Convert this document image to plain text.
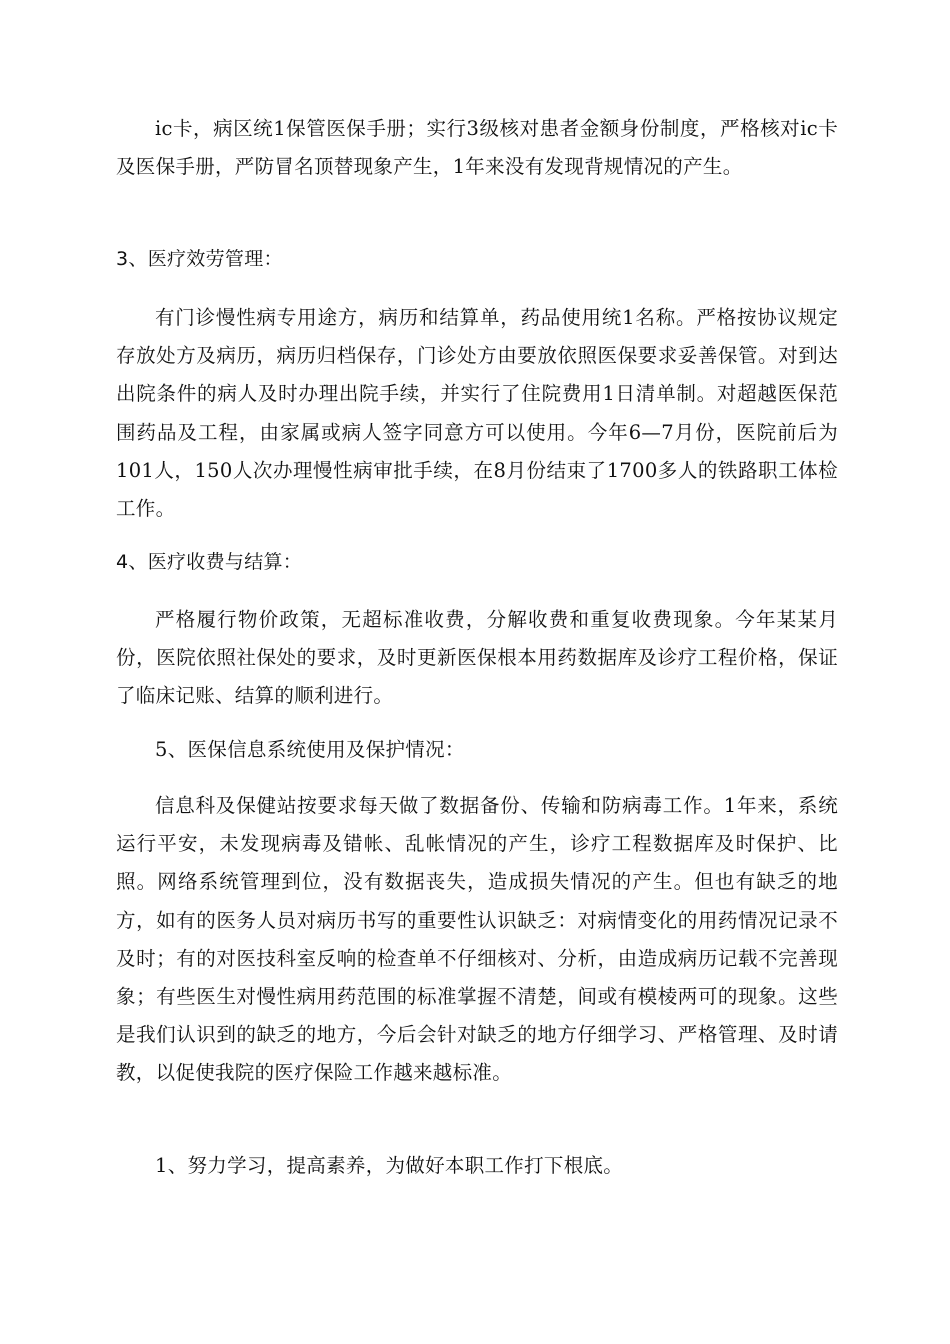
ic卡，病区统1保管医保手册；实行3级核对患者金额身份制度，严格核对ic卡及医保手册，严防冒名顶替现象产生，1年来没有发现背规情况的产生。

3、医疗效劳管理：

有门诊慢性病专用途方，病历和结算单，药品使用统1名称。严格按协议规定存放处方及病历，病历归档保存，门诊处方由要放依照医保要求妥善保管。对到达出院条件的病人及时办理出院手续，并实行了住院费用1日清单制。对超越医保范围药品及工程，由家属或病人签字同意方可以使用。今年6—7月份，医院前后为101人，150人次办理慢性病审批手续，在8月份结束了1700多人的铁路职工体检工作。

4、医疗收费与结算：

严格履行物价政策，无超标准收费，分解收费和重复收费现象。今年某某月份，医院依照社保处的要求，及时更新医保根本用药数据库及诊疗工程价格，保证了临床记账、结算的顺利进行。

5、医保信息系统使用及保护情况：

信息科及保健站按要求每天做了数据备份、传输和防病毒工作。1年来，系统运行平安，未发现病毒及错帐、乱帐情况的产生，诊疗工程数据库及时保护、比照。网络系统管理到位，没有数据丧失，造成损失情况的产生。但也有缺乏的地方，如有的医务人员对病历书写的重要性认识缺乏：对病情变化的用药情况记录不及时；有的对医技科室反响的检查单不仔细核对、分析，由造成病历记载不完善现象；有些医生对慢性病用药范围的标准掌握不清楚，间或有模棱两可的现象。这些是我们认识到的缺乏的地方，今后会针对缺乏的地方仔细学习、严格管理、及时请教，以促使我院的医疗保险工作越来越标准。

1、努力学习，提高素养，为做好本职工作打下根底。
